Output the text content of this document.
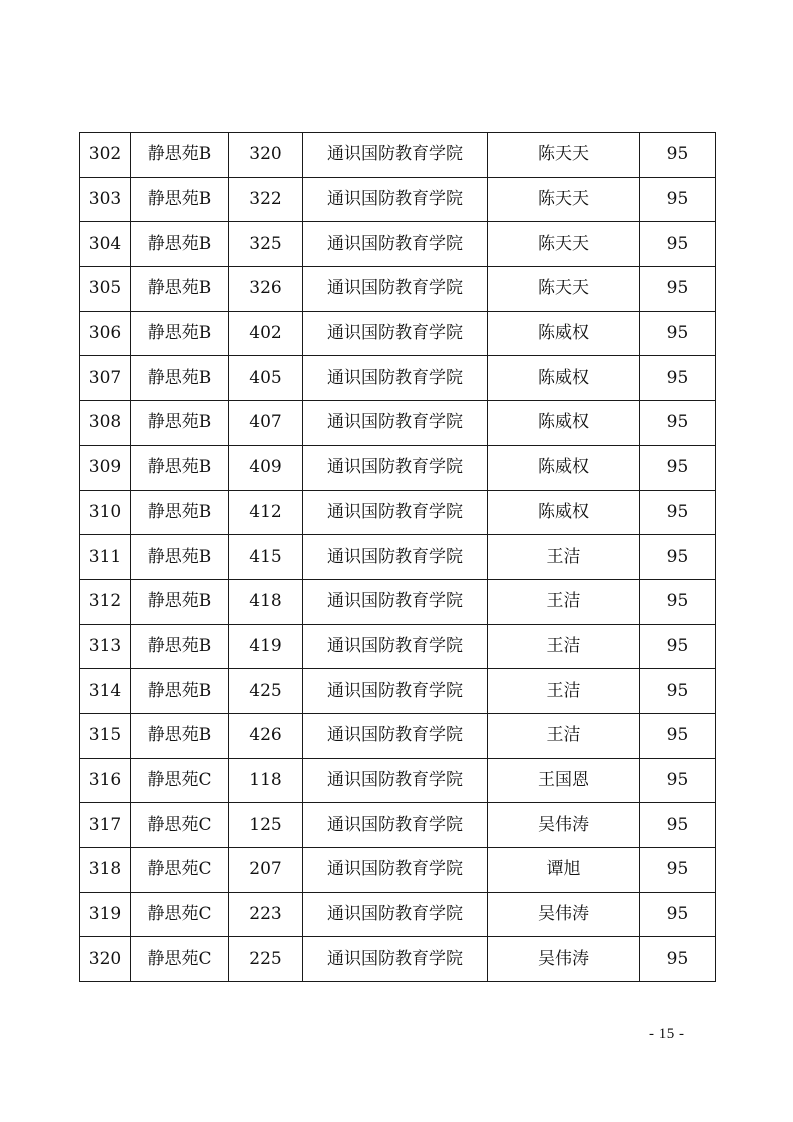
302	静思苑B	320	通识国防教育学院	陈天天	95
303	静思苑B	322	通识国防教育学院	陈天天	95
304	静思苑B	325	通识国防教育学院	陈天天	95
305	静思苑B	326	通识国防教育学院	陈天天	95
306	静思苑B	402	通识国防教育学院	陈威权	95
307	静思苑B	405	通识国防教育学院	陈威权	95
308	静思苑B	407	通识国防教育学院	陈威权	95
309	静思苑B	409	通识国防教育学院	陈威权	95
310	静思苑B	412	通识国防教育学院	陈威权	95
311	静思苑B	415	通识国防教育学院	王洁	95
312	静思苑B	418	通识国防教育学院	王洁	95
313	静思苑B	419	通识国防教育学院	王洁	95
314	静思苑B	425	通识国防教育学院	王洁	95
315	静思苑B	426	通识国防教育学院	王洁	95
316	静思苑C	118	通识国防教育学院	王国恩	95
317	静思苑C	125	通识国防教育学院	吴伟涛	95
318	静思苑C	207	通识国防教育学院	谭旭	95
319	静思苑C	223	通识国防教育学院	吴伟涛	95
320	静思苑C	225	通识国防教育学院	吴伟涛	95
- 15 -
